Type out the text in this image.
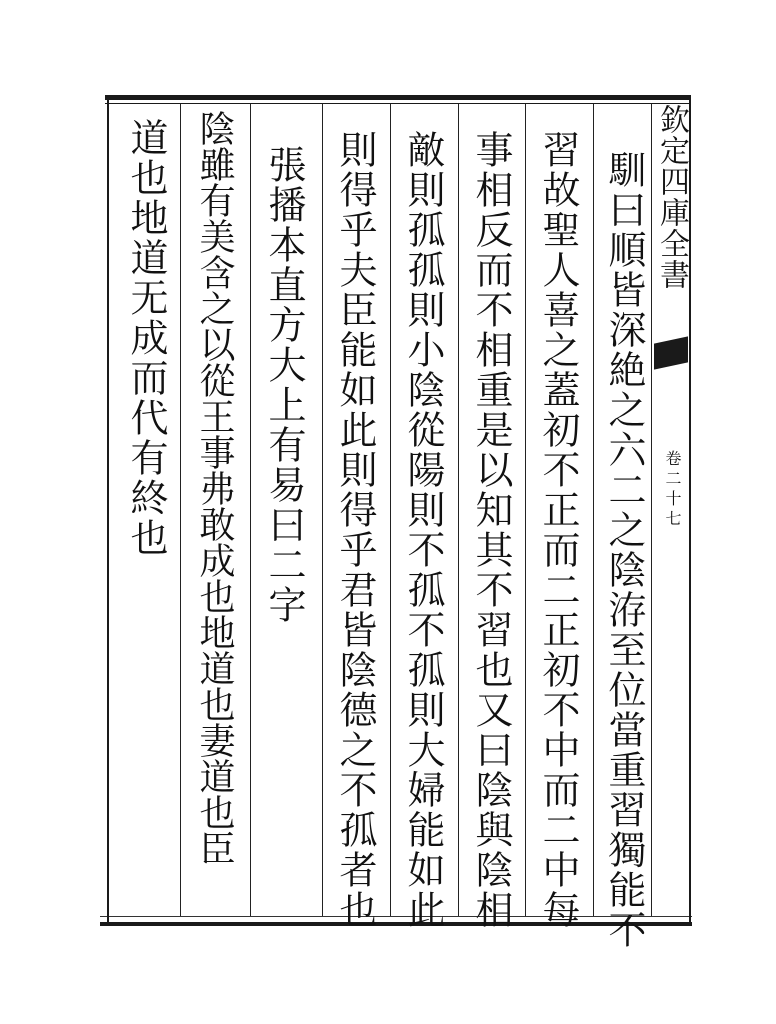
欽定四庫全書
卷二十七
馴曰順皆深絶之六二之陰洊至位當重習獨能不
習故聖人喜之蓋初不正而二正初不中而二中每
事相反而不相重是以知其不習也又曰陰與陰相
敵則孤孤則小陰從陽則不孤不孤則大婦能如此
則得乎夫臣能如此則得乎君皆陰德之不孤者也
張播本直方大上有易曰二字
陰雖有美含之以從王事弗敢成也地道也妻道也臣
道也地道无成而代有終也
